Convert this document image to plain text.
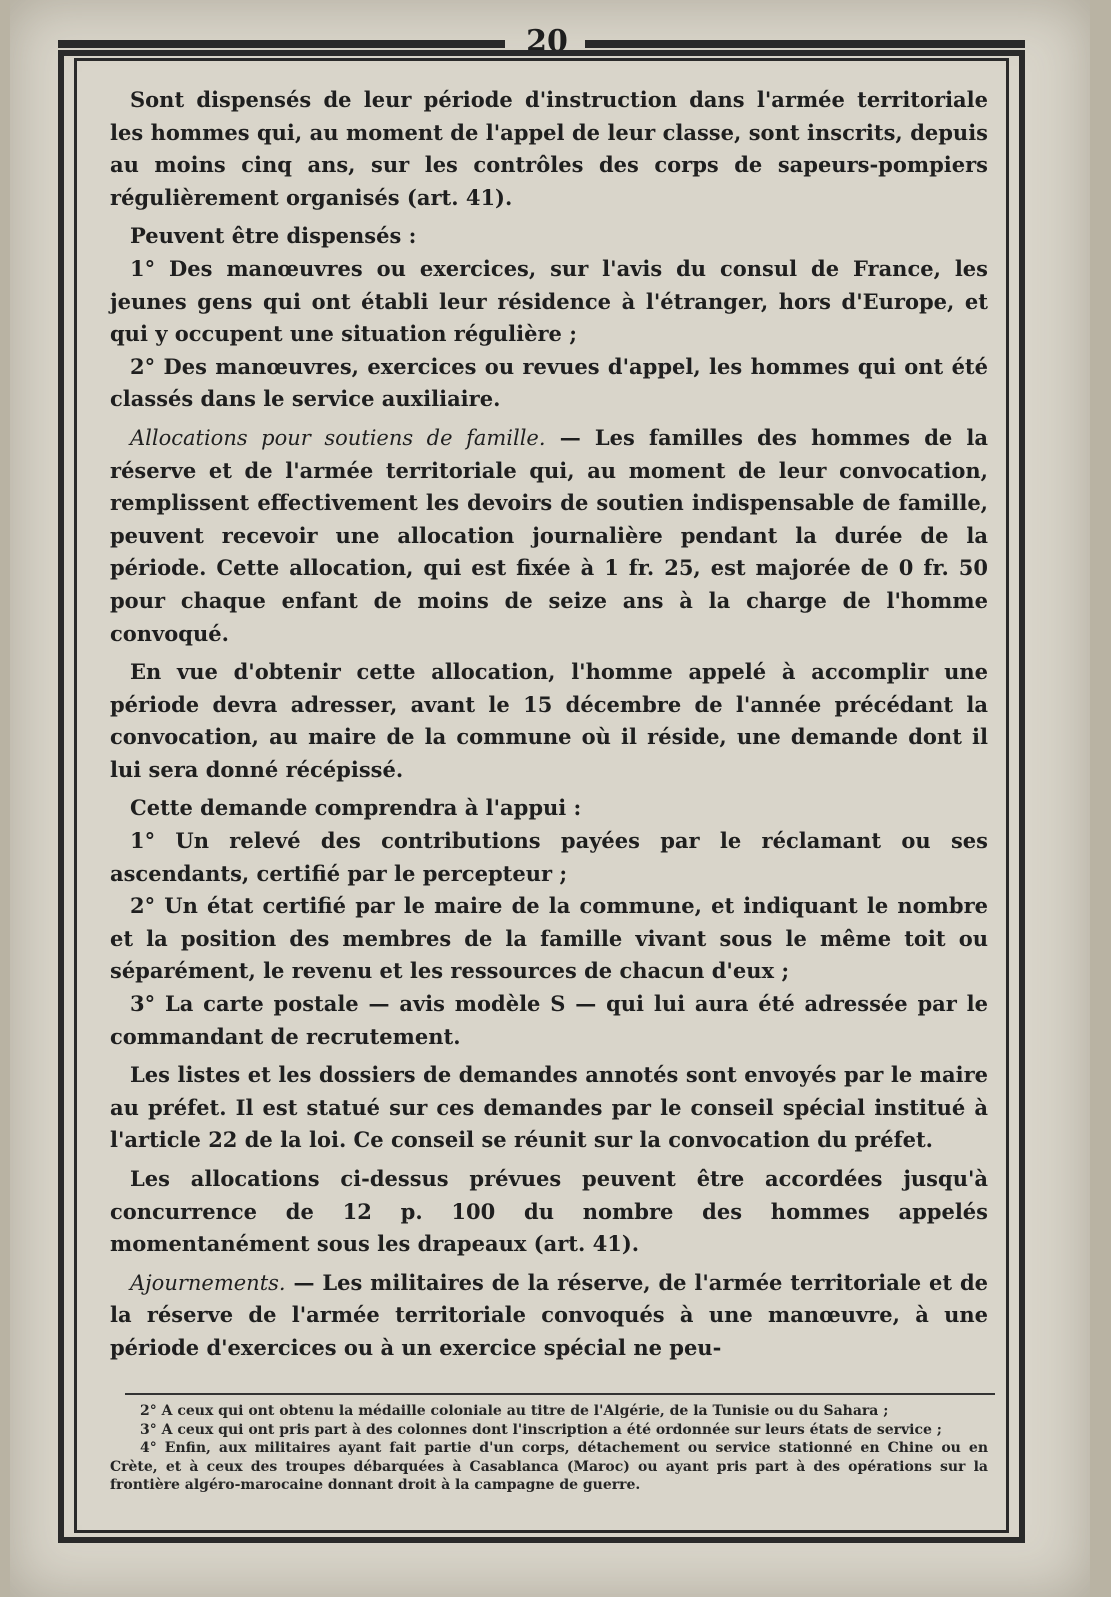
20

Sont dispensés de leur période d'instruction dans l'armée territoriale les hommes qui, au moment de l'appel de leur classe, sont inscrits, depuis au moins cinq ans, sur les contrôles des corps de sapeurs-pompiers régulièrement organisés (art. 41).

Peuvent être dispensés :

1° Des manœuvres ou exercices, sur l'avis du consul de France, les jeunes gens qui ont établi leur résidence à l'étranger, hors d'Europe, et qui y occupent une situation régulière ;

2° Des manœuvres, exercices ou revues d'appel, les hommes qui ont été classés dans le service auxiliaire.

Allocations pour soutiens de famille. — Les familles des hommes de la réserve et de l'armée territoriale qui, au moment de leur convocation, remplissent effectivement les devoirs de soutien indispensable de famille, peuvent recevoir une allocation journalière pendant la durée de la période. Cette allocation, qui est fixée à 1 fr. 25, est majorée de 0 fr. 50 pour chaque enfant de moins de seize ans à la charge de l'homme convoqué.

En vue d'obtenir cette allocation, l'homme appelé à accomplir une période devra adresser, avant le 15 décembre de l'année précédant la convocation, au maire de la commune où il réside, une demande dont il lui sera donné récépissé.

Cette demande comprendra à l'appui :

1° Un relevé des contributions payées par le réclamant ou ses ascendants, certifié par le percepteur ;

2° Un état certifié par le maire de la commune, et indiquant le nombre et la position des membres de la famille vivant sous le même toit ou séparément, le revenu et les ressources de chacun d'eux ;

3° La carte postale — avis modèle S — qui lui aura été adressée par le commandant de recrutement.

Les listes et les dossiers de demandes annotés sont envoyés par le maire au préfet. Il est statué sur ces demandes par le conseil spécial institué à l'article 22 de la loi. Ce conseil se réunit sur la convocation du préfet.

Les allocations ci-dessus prévues peuvent être accordées jusqu'à concurrence de 12 p. 100 du nombre des hommes appelés momentanément sous les drapeaux (art. 41).

Ajournements. — Les militaires de la réserve, de l'armée territoriale et de la réserve de l'armée territoriale convoqués à une manœuvre, à une période d'exercices ou à un exercice spécial ne peu-

2° A ceux qui ont obtenu la médaille coloniale au titre de l'Algérie, de la Tunisie ou du Sahara ;

3° A ceux qui ont pris part à des colonnes dont l'inscription a été ordonnée sur leurs états de service ;

4° Enfin, aux militaires ayant fait partie d'un corps, détachement ou service stationné en Chine ou en Crète, et à ceux des troupes débarquées à Casablanca (Maroc) ou ayant pris part à des opérations sur la frontière algéro-marocaine donnant droit à la campagne de guerre.
